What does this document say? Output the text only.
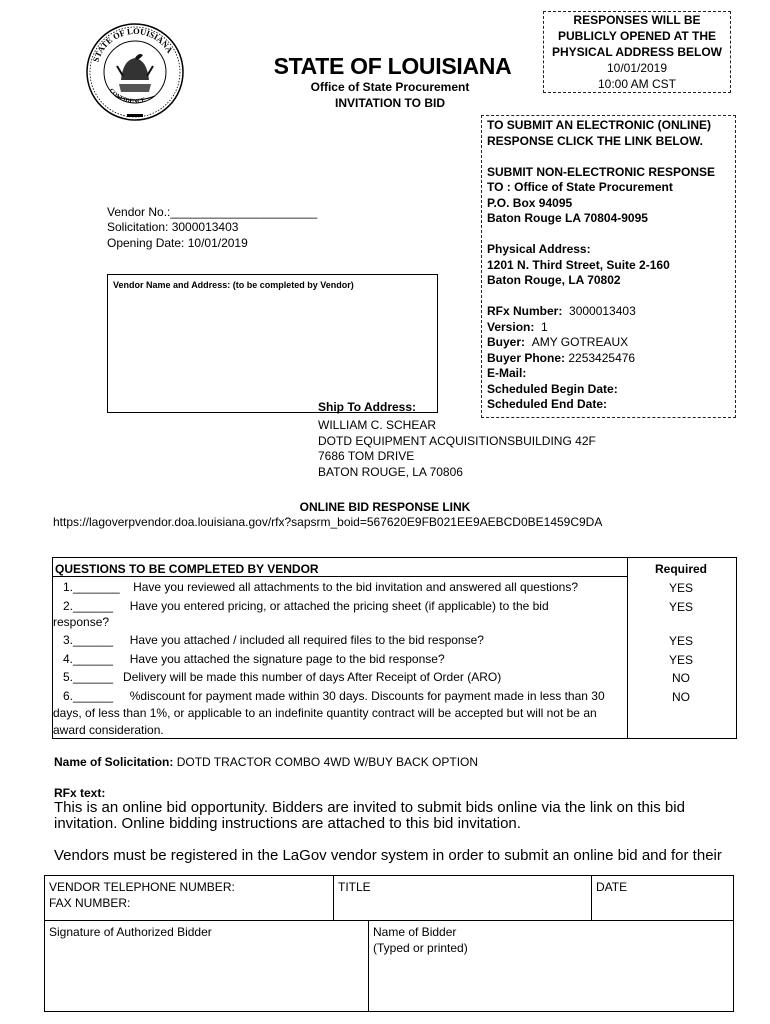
STATE OF LOUISIANA
CONFIDENCE
STATE OF LOUISIANA
Office of State Procurement
INVITATION TO BID
RESPONSES WILL BE
PUBLICLY OPENED AT THE
PHYSICAL ADDRESS BELOW
10/01/2019
10:00 AM CST
TO SUBMIT AN ELECTRONIC (ONLINE)
RESPONSE CLICK THE LINK BELOW.
SUBMIT NON-ELECTRONIC RESPONSE
TO : Office of State Procurement
P.O. Box 94095
Baton Rouge LA 70804-9095
Physical Address:
1201 N. Third Street, Suite 2-160
Baton Rouge, LA 70802
RFx Number: 3000013403
Version: 1
Buyer: AMY GOTREAUX
Buyer Phone: 2253425476
E-Mail:
Scheduled Begin Date:
Scheduled End Date:
Vendor No.:______________________
Solicitation: 3000013403
Opening Date: 10/01/2019
Vendor Name and Address: (to be completed by Vendor)
Ship To Address:
WILLIAM C. SCHEAR
DOTD EQUIPMENT ACQUISITIONSBUILDING 42F
7686 TOM DRIVE
BATON ROUGE, LA 70806
ONLINE BID RESPONSE LINK
https://lagoverpvendor.doa.louisiana.gov/rfx?sapsrm_boid=567620E9FB021EE9AEBCD0BE1459C9DA
QUESTIONS TO BE COMPLETED BY VENDOR	Required
1._______    Have you reviewed all attachments to the bid invitation and answered all questions?	YES
2.______     Have you entered pricing, or attached the pricing sheet (if applicable) to the bid
response?
YES
3.______     Have you attached / included all required files to the bid response?	YES
4.______     Have you attached the signature page to the bid response?	YES
5.______   Delivery will be made this number of days After Receipt of Order (ARO)	NO
6.______     %discount for payment made within 30 days. Discounts for payment made in less than 30
days, of less than 1%, or applicable to an indefinite quantity contract will be accepted but will not be an
award consideration.
NO
Name of Solicitation: DOTD TRACTOR COMBO 4WD W/BUY BACK OPTION
RFx text:
This is an online bid opportunity. Bidders are invited to submit bids online via the link on this bid invitation. Online bidding instructions are attached to this bid invitation.
Vendors must be registered in the LaGov vendor system in order to submit an online bid and for their
VENDOR TELEPHONE NUMBER:
FAX NUMBER:
TITLE	DATE
Signature of Authorized Bidder	Name of Bidder
(Typed or printed)
